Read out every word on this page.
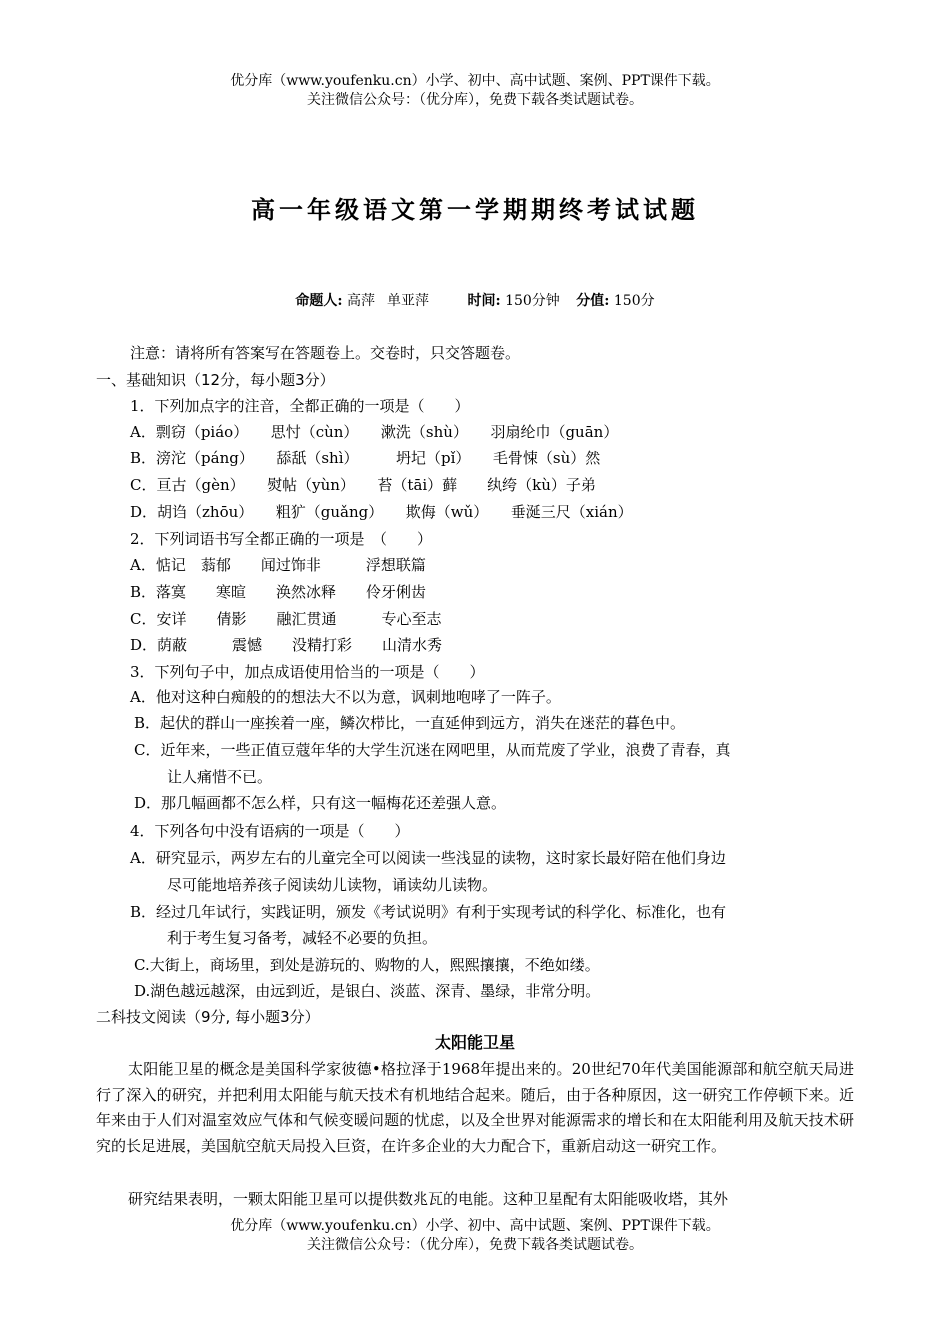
优分库（www.youfenku.cn）小学、初中、高中试题、案例、PPT课件下载。
关注微信公众号：（优分库），免费下载各类试题试卷。
高一年级语文第一学期期终考试试题
命题人: 高萍 单亚萍	时间: 150分钟 分值: 150分
注意：请将所有答案写在答题卷上。交卷时，只交答题卷。
一、基础知识（12分，每小题3分）
1．下列加点字的注音，全都正确的一项是（　　）
A．剽窃（piáo）　　思忖（cùn）　　漱洗（shù）　　羽扇纶巾（guān）
B．滂沱（páng）　　舔舐（shì）　　　坍圮（pǐ）　　毛骨悚（sù）然
C．亘古（gèn）　　熨帖（yùn）　　苔（tāi）藓　　纨绔（kù）子弟
D．胡诌（zhōu）　　粗犷（guǎng）　　欺侮（wǔ）　　垂涎三尺（xián）
2．下列词语书写全都正确的一项是　（　　）
A．惦记　蓊郁　　闻过饰非　　　浮想联篇
B．落寞　　寒暄　　涣然冰释　　伶牙俐齿
C．安详　　倩影　　融汇贯通　　　专心至志
D．荫蔽　　　震憾　　没精打彩　　山清水秀
3．下列句子中，加点成语使用恰当的一项是（　　）
A．他对这种白痴般的的想法大不以为意，讽刺地咆哮了一阵子。
B．起伏的群山一座挨着一座，鳞次栉比，一直延伸到远方，消失在迷茫的暮色中。
C．近年来，一些正值豆蔻年华的大学生沉迷在网吧里，从而荒废了学业，浪费了青春，真
让人痛惜不已。
D．那几幅画都不怎么样，只有这一幅梅花还差强人意。
4．下列各句中没有语病的一项是（　　）
A．研究显示，两岁左右的儿童完全可以阅读一些浅显的读物，这时家长最好陪在他们身边
尽可能地培养孩子阅读幼儿读物，诵读幼儿读物。
B．经过几年试行，实践证明，颁发《考试说明》有利于实现考试的科学化、标准化，也有
利于考生复习备考，减轻不必要的负担。
C.大街上，商场里，到处是游玩的、购物的人，熙熙攘攘，不绝如缕。
D.湖色越远越深，由远到近，是银白、淡蓝、深青、墨绿，非常分明。
二科技文阅读（9分, 每小题3分）
太阳能卫星
太阳能卫星的概念是美国科学家彼德•格拉泽于1968年提出来的。20世纪70年代美国能源部和航空航天局进行了深入的研究，并把利用太阳能与航天技术有机地结合起来。随后，由于各种原因，这一研究工作停顿下来。近年来由于人们对温室效应气体和气候变暖问题的忧虑，以及全世界对能源需求的增长和在太阳能利用及航天技术研究的长足进展，美国航空航天局投入巨资，在许多企业的大力配合下，重新启动这一研究工作。
研究结果表明，一颗太阳能卫星可以提供数兆瓦的电能。这种卫星配有太阳能吸收塔，其外
优分库（www.youfenku.cn）小学、初中、高中试题、案例、PPT课件下载。
关注微信公众号：（优分库），免费下载各类试题试卷。
